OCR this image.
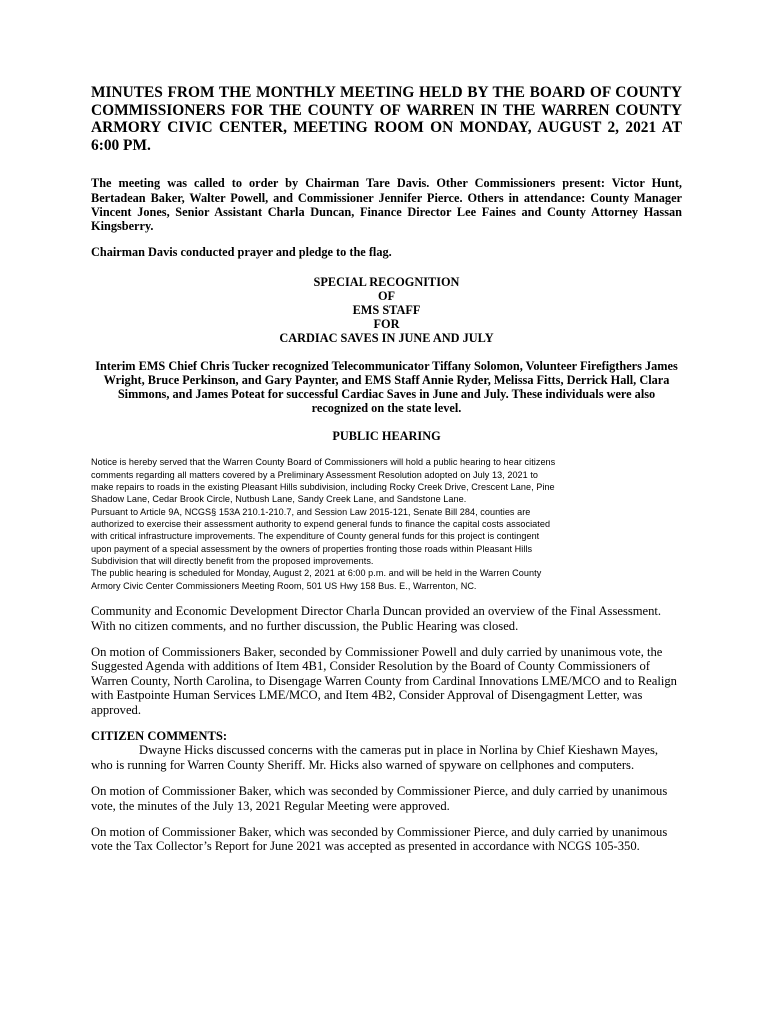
MINUTES FROM THE MONTHLY MEETING HELD BY THE BOARD OF COUNTY COMMISSIONERS FOR THE COUNTY OF WARREN IN THE WARREN COUNTY ARMORY CIVIC CENTER, MEETING ROOM ON MONDAY, AUGUST 2, 2021 AT 6:00 PM.
The meeting was called to order by Chairman Tare Davis. Other Commissioners present: Victor Hunt, Bertadean Baker, Walter Powell, and Commissioner Jennifer Pierce. Others in attendance: County Manager Vincent Jones, Senior Assistant Charla Duncan, Finance Director Lee Faines and County Attorney Hassan Kingsberry.
Chairman Davis conducted prayer and pledge to the flag.
SPECIAL RECOGNITION
OF
EMS STAFF
FOR
CARDIAC SAVES IN JUNE AND JULY
Interim EMS Chief Chris Tucker recognized Telecommunicator Tiffany Solomon, Volunteer Firefigthers James Wright, Bruce Perkinson, and Gary Paynter, and EMS Staff Annie Ryder, Melissa Fitts, Derrick Hall, Clara Simmons, and James Poteat for successful Cardiac Saves in June and July. These individuals were also recognized on the state level.
PUBLIC HEARING
Notice is hereby served that the Warren County Board of Commissioners will hold a public hearing to hear citizens
comments regarding all matters covered by a Preliminary Assessment Resolution adopted on July 13, 2021 to
make repairs to roads in the existing Pleasant Hills subdivision, including Rocky Creek Drive, Crescent Lane, Pine
Shadow Lane, Cedar Brook Circle, Nutbush Lane, Sandy Creek Lane, and Sandstone Lane.
Pursuant to Article 9A, NCGS§ 153A 210.1-210.7, and Session Law 2015-121, Senate Bill 284, counties are
authorized to exercise their assessment authority to expend general funds to finance the capital costs associated
with critical infrastructure improvements. The expenditure of County general funds for this project is contingent
upon payment of a special assessment by the owners of properties fronting those roads within Pleasant Hills
Subdivision that will directly benefit from the proposed improvements.
The public hearing is scheduled for Monday, August 2, 2021 at 6:00 p.m. and will be held in the Warren County
Armory Civic Center Commissioners Meeting Room, 501 US Hwy 158 Bus. E., Warrenton, NC.
Community and Economic Development Director Charla Duncan provided an overview of the Final Assessment.
With no citizen comments, and no further discussion, the Public Hearing was closed.
On motion of Commissioners Baker, seconded by Commissioner Powell and duly carried by unanimous vote, the Suggested Agenda with additions of Item 4B1, Consider Resolution by the Board of County Commissioners of Warren County, North Carolina, to Disengage Warren County from Cardinal Innovations LME/MCO and to Realign with Eastpointe Human Services LME/MCO, and Item 4B2, Consider Approval of Disengagment Letter, was approved.
CITIZEN COMMENTS:
Dwayne Hicks discussed concerns with the cameras put in place in Norlina by Chief Kieshawn Mayes, who is running for Warren County Sheriff. Mr. Hicks also warned of spyware on cellphones and computers.
On motion of Commissioner Baker, which was seconded by Commissioner Pierce, and duly carried by unanimous vote, the minutes of the July 13, 2021 Regular Meeting were approved.
On motion of Commissioner Baker, which was seconded by Commissioner Pierce, and duly carried by unanimous vote the Tax Collector’s Report for June 2021 was accepted as presented in accordance with NCGS 105-350.
